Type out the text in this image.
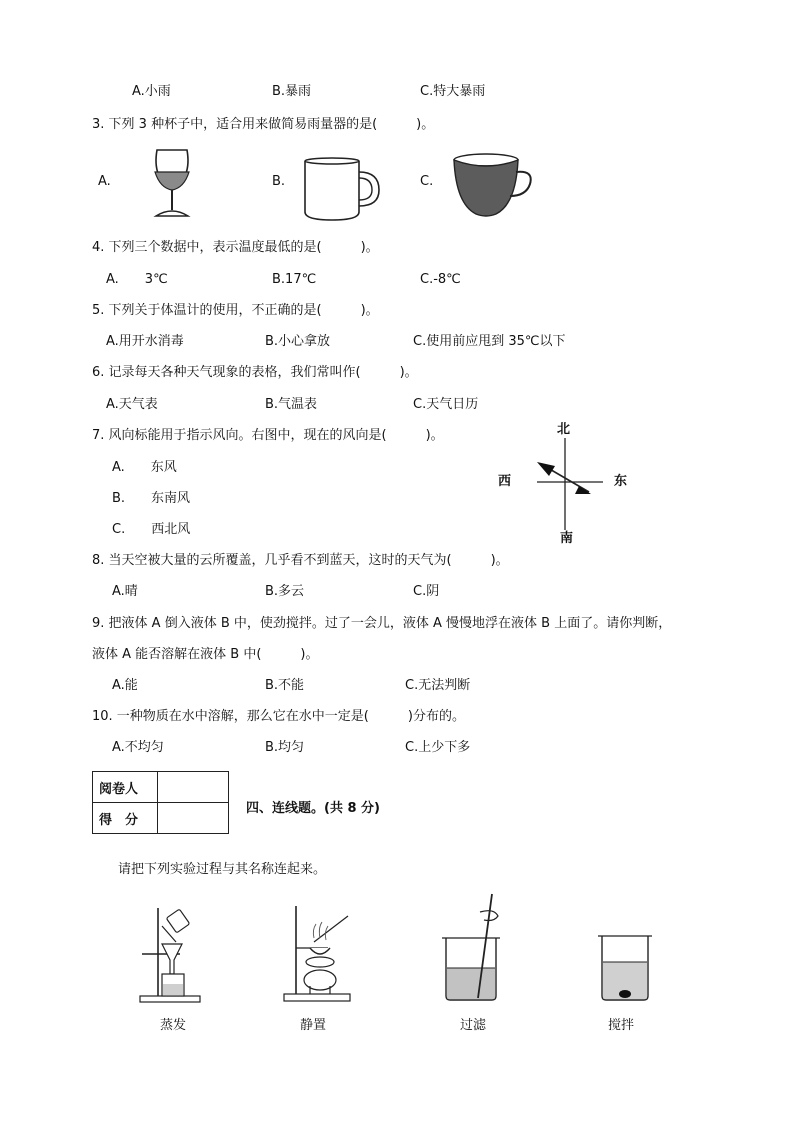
A.小雨	B.暴雨	C.特大暴雨
3. 下列 3 种杯子中，适合用来做简易雨量器的是(　　　)。
A.	B.	C.
4. 下列三个数据中，表示温度最低的是(　　　)。
A.　　3℃	B.17℃	C.-8℃
5. 下列关于体温计的使用，不正确的是(　　　)。
A.用开水消毒	B.小心拿放	C.使用前应甩到 35℃以下
6. 记录每天各种天气现象的表格，我们常叫作(　　　)。
A.天气表	B.气温表	C.天气日历
7. 风向标能用于指示风向。右图中，现在的风向是(　　　)。
A.　　东风
B.　　东南风
C.　　西北风
北
南
西	东
8. 当天空被大量的云所覆盖，几乎看不到蓝天，这时的天气为(　　　)。
A.晴	B.多云	C.阴
9. 把液体 A 倒入液体 B 中，使劲搅拌。过了一会儿，液体 A 慢慢地浮在液体 B 上面了。请你判断，
液体 A 能否溶解在液体 B 中(　　　)。
A.能	B.不能	C.无法判断
10. 一种物质在水中溶解，那么它在水中一定是(　　　)分布的。
A.不均匀	B.均匀	C.上少下多
阅卷人	
得　分	
四、连线题。(共 8 分)
请把下列实验过程与其名称连起来。
蒸发	静置	过滤	搅拌
